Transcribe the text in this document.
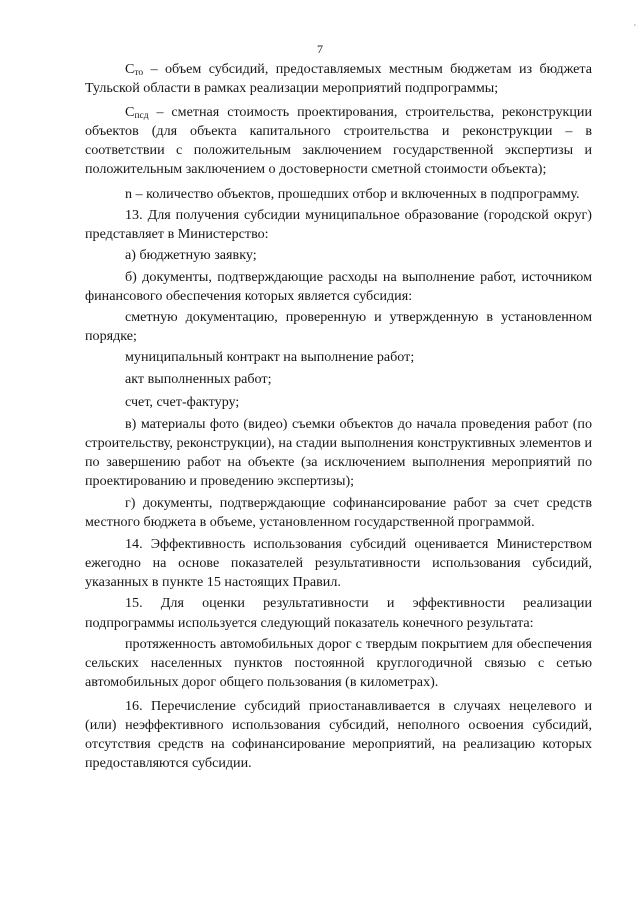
7
∙

$C_{то}$ – объем субсидий, предоставляемых местным бюджетам из бюджета Тульской области в рамках реализации мероприятий подпрограммы;

$C_{псд}$ – сметная стоимость проектирования, строительства, реконструкции объектов (для объекта капитального строительства и реконструкции – в соответствии с положительным заключением государственной экспертизы и положительным заключением о достоверности сметной стоимости объекта);

n – количество объектов, прошедших отбор и включенных в подпрограмму.

13. Для получения субсидии муниципальное образование (городской округ) представляет в Министерство:

а) бюджетную заявку;

б) документы, подтверждающие расходы на выполнение работ, источником финансового обеспечения которых является субсидия:

сметную документацию, проверенную и утвержденную в установленном порядке;

муниципальный контракт на выполнение работ;

акт выполненных работ;

счет, счет-фактуру;

в) материалы фото (видео) съемки объектов до начала проведения работ (по строительству, реконструкции), на стадии выполнения конструктивных элементов и по завершению работ на объекте (за исключением выполнения мероприятий по проектированию и проведению экспертизы);

г) документы, подтверждающие софинансирование работ за счет средств местного бюджета в объеме, установленном государственной программой.

14. Эффективность использования субсидий оценивается Министерством ежегодно на основе показателей результативности использования субсидий, указанных в пункте 15 настоящих Правил.

15. Для оценки результативности и эффективности реализации подпрограммы используется следующий показатель конечного результата:

протяженность автомобильных дорог с твердым покрытием для обеспечения сельских населенных пунктов постоянной круглогодичной связью с сетью автомобильных дорог общего пользования (в километрах).

16. Перечисление субсидий приостанавливается в случаях нецелевого и (или) неэффективного использования субсидий, неполного освоения субсидий, отсутствия средств на софинансирование мероприятий, на реализацию которых предоставляются субсидии.
